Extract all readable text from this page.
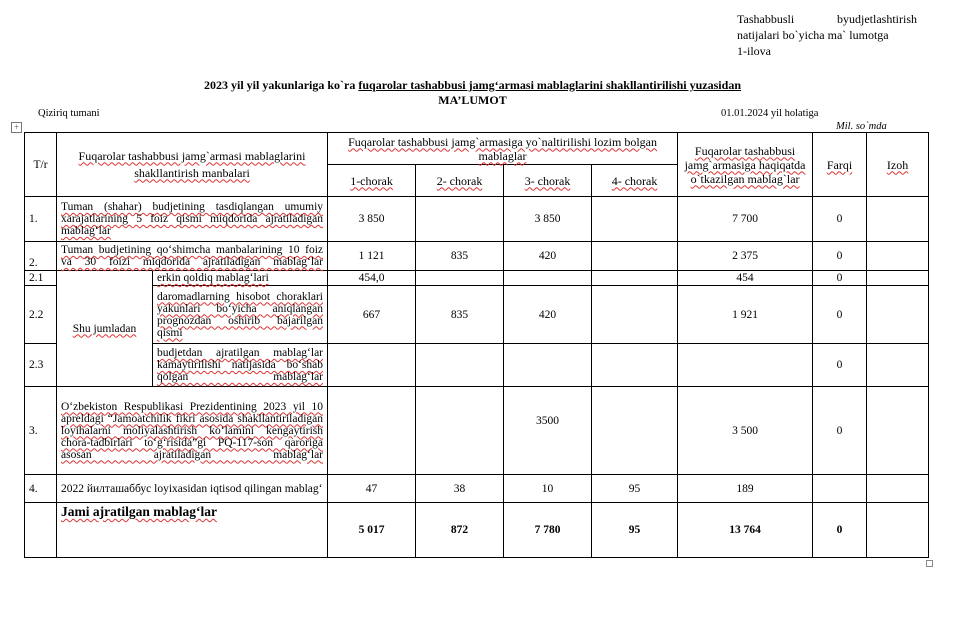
Tashabbusli	byudjetlashtirish
natijalari bo`yicha ma` lumotga
1-ilova
2023 yil yil yakunlariga ko`ra fuqarolar tashabbusi jamg‘armasi mablaglarini shakllantirilishi yuzasidan
MA’LUMOT
Qiziriq tumani	01.01.2024 yil holatiga
Mil. so`mda
+
T/r	Fuqarolar tashabbusi jamg`armasi mablaglarini shakllantirish manbalari		Fuqarolar tashabbusi jamg`armasiga yo`naltirilishi lozim bolgan mablaglar				Fuqarolar tashabbusi jamg`armasiga haqiqatda o`tkazilgan mablag`lar	Farqi	Izoh
			1-chorak	2- chorak	3- chorak	4- chorak			
1.	Tuman (shahar) budjetining tasdiqlangan umumiy xarajatlarining 5 foiz qismi miqdorida ajratiladigan mablag‘lar		3 850		3 850		7 700	0	
2.	Tuman budjetining qo‘shimcha manbalarining 10 foiz va 30 foizi miqdorida ajratiladigan mablag‘lar		1 121	835	420		2 375	0	
2.1	Shu jumladan	erkin qoldiq mablag‘lari	454,0				454	0	
2.2		daromadlarning hisobot choraklari yakunlari bo‘yicha aniqlangan prognozdan oshirib bajarilgan qismi	667	835	420		1 921	0	
2.3		budjetdan ajratilgan mablag‘lar kamaytirilishi natijasida bo‘shab qolgan mablag‘lar						0	
3.	O‘zbekiston Respublikasi Prezidentining 2023 yil 10 apreldagi “Jamoatchilik fikri asosida shakllantiriladigan loyihalarni moliyalashtirish ko‘lamini kengaytirish chora-tadbirlari to‘g‘risida”gi PQ-117-son qaroriga asosan ajratiladigan mablag‘lar				3500		3 500	0	
4.	2022 йилташаббус loyixasidan iqtisod qilingan mablag‘		47	38	10	95	189		
	Jami ajratilgan mablag‘lar		5 017	872	7 780	95	13 764	0	
